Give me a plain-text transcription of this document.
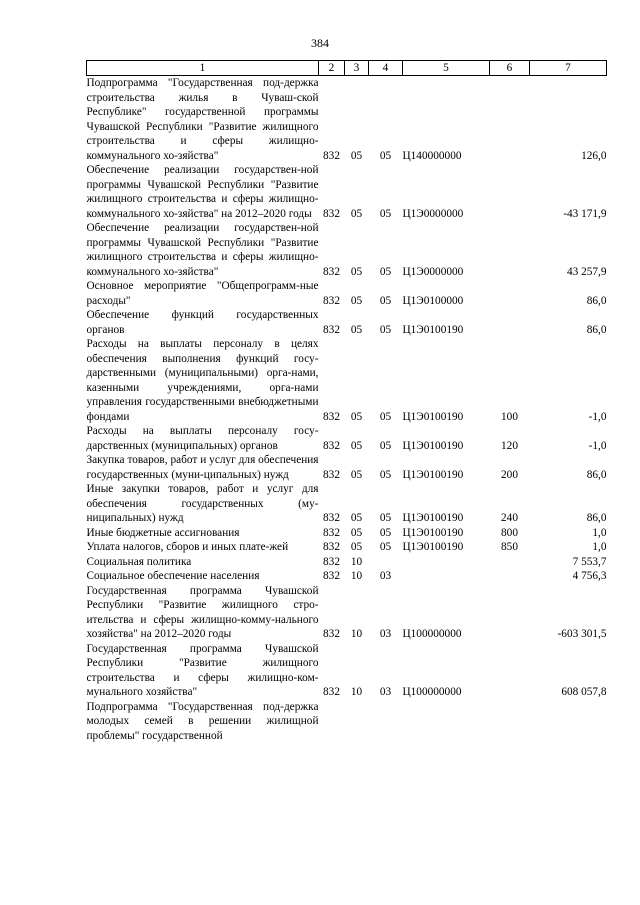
384
1	2	3	4	5	6	7
Подпрограмма "Государственная под-держка строительства жилья в Чуваш-ской Республике" государственной программы Чувашской Республики "Развитие жилищного строительства и сферы жилищно-коммунального хо-зяйства"	832	05	05	Ц140000000		126,0
Обеспечение реализации государствен-ной программы Чувашской Республики "Развитие жилищного строительства и сферы жилищно-коммунального хо-зяйства" на 2012–2020 годы	832	05	05	Ц1Э0000000		-43 171,9
Обеспечение реализации государствен-ной программы Чувашской Республики "Развитие жилищного строительства и сферы жилищно-коммунального хо-зяйства"	832	05	05	Ц1Э0000000		43 257,9
Основное мероприятие "Общепрограмм-ные расходы"	832	05	05	Ц1Э0100000		86,0
Обеспечение функций государственных органов	832	05	05	Ц1Э0100190		86,0
Расходы на выплаты персоналу в целях обеспечения выполнения функций госу-дарственными (муниципальными) орга-нами, казенными учреждениями, орга-нами управления государственными внебюджетными фондами	832	05	05	Ц1Э0100190	100	-1,0
Расходы на выплаты персоналу госу-дарственных (муниципальных) органов	832	05	05	Ц1Э0100190	120	-1,0
Закупка товаров, работ и услуг для обеспечения государственных (муни-ципальных) нужд	832	05	05	Ц1Э0100190	200	86,0
Иные закупки товаров, работ и услуг для обеспечения государственных (му-ниципальных) нужд	832	05	05	Ц1Э0100190	240	86,0
Иные бюджетные ассигнования	832	05	05	Ц1Э0100190	800	1,0
Уплата налогов, сборов и иных плате-жей	832	05	05	Ц1Э0100190	850	1,0
Социальная политика	832	10				7 553,7
Социальное обеспечение населения	832	10	03			4 756,3
Государственная программа Чувашской Республики "Развитие жилищного стро-ительства и сферы жилищно-комму-нального хозяйства" на 2012–2020 годы	832	10	03	Ц100000000		-603 301,5
Государственная программа Чувашской Республики "Развитие жилищного строительства и сферы жилищно-ком-мунального хозяйства"	832	10	03	Ц100000000		608 057,8
Подпрограмма "Государственная под-держка молодых семей в решении жилищной проблемы" государственной						
